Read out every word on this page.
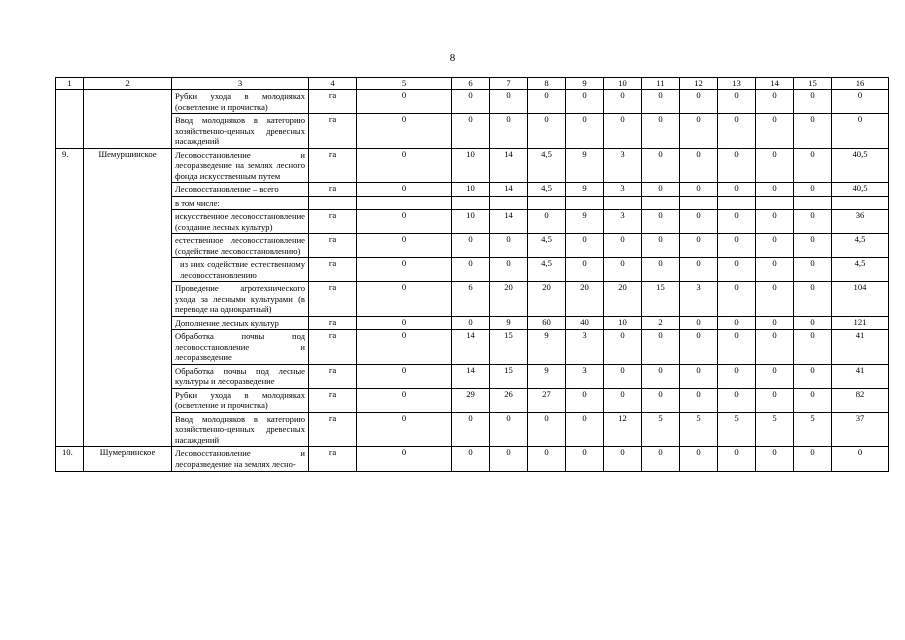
8
1	2	3	4	5	6	7	8	9	10	11	12	13	14	15	16
		Рубки ухода в молодняках (осветление и прочистка)	га	0	0	0	0	0	0	0	0	0	0	0	0
		Ввод молодняков в категорию хозяйственно-ценных древесных насаждений	га	0	0	0	0	0	0	0	0	0	0	0	0
9.	Шемуршинское	Лесовосстановление и лесоразведение на землях лесного фонда искусственным путем	га	0	10	14	4,5	9	3	0	0	0	0	0	40,5
		Лесовосстановление – всего	га	0	10	14	4,5	9	3	0	0	0	0	0	40,5
		в том числе:													
		искусственное лесовосстановление (создание лесных культур)	га	0	10	14	0	9	3	0	0	0	0	0	36
		естественное лесовосстановление (содействие лесовосстановлению)	га	0	0	0	4,5	0	0	0	0	0	0	0	4,5
		из них содействие естественному лесовосстановлению	га	0	0	0	4,5	0	0	0	0	0	0	0	4,5
		Проведение агротехнического ухода за лесными культурами (в переводе на однократный)	га	0	6	20	20	20	20	15	3	0	0	0	104
		Дополнение лесных культур	га	0	0	9	60	40	10	2	0	0	0	0	121
		Обработка почвы под лесовосстановление и лесоразведение	га	0	14	15	9	3	0	0	0	0	0	0	41
		Обработка почвы под лесные культуры и лесоразведение	га	0	14	15	9	3	0	0	0	0	0	0	41
		Рубки ухода в молодняках (осветление и прочистка)	га	0	29	26	27	0	0	0	0	0	0	0	82
		Ввод молодняков в категорию хозяйственно-ценных древесных насаждений	га	0	0	0	0	0	12	5	5	5	5	5	37
10.	Шумерлинское	Лесовосстановление и лесоразведение на землях лесно-	га	0	0	0	0	0	0	0	0	0	0	0	0
